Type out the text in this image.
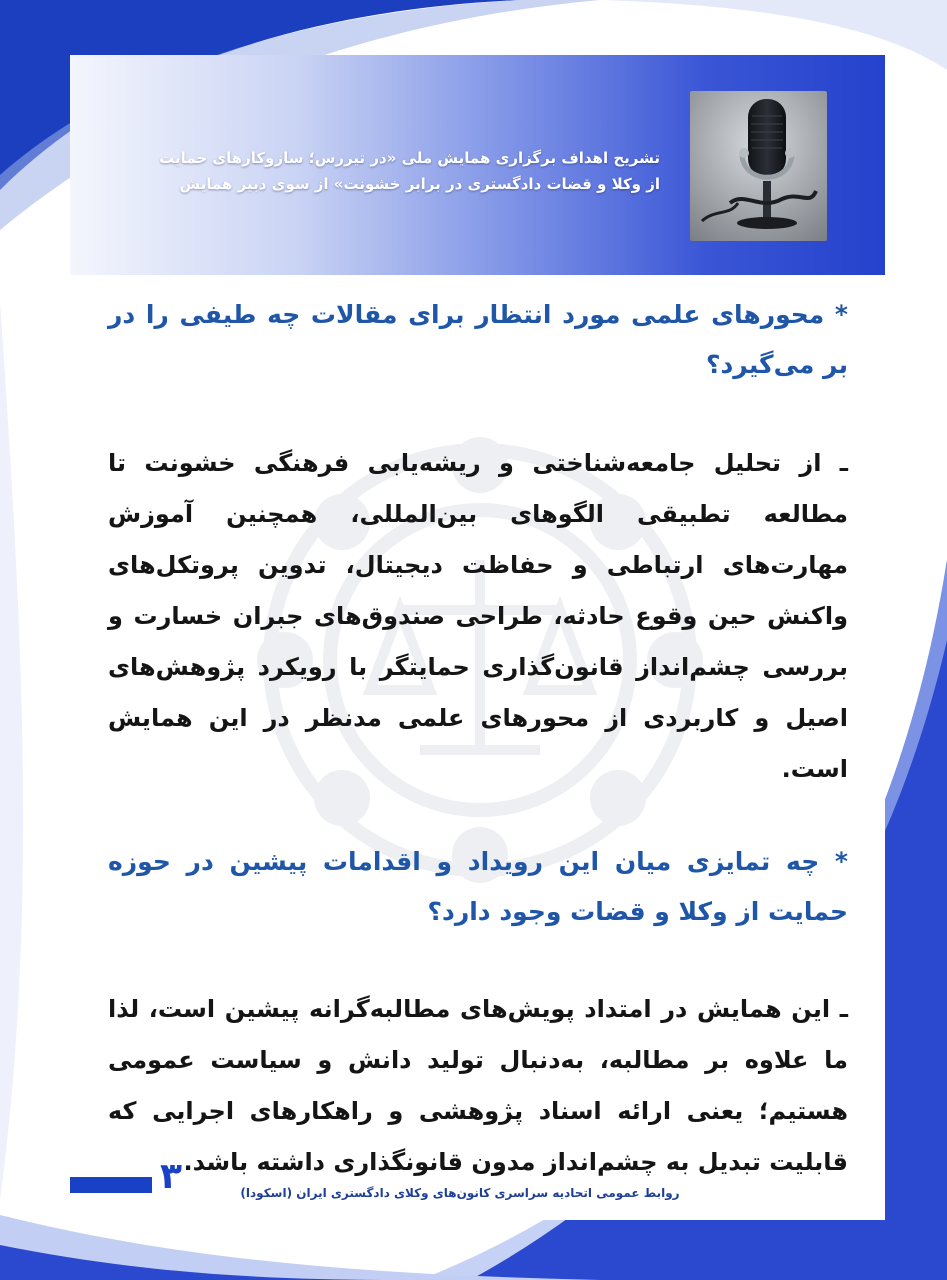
تشریح اهداف برگزاری همایش ملی «در تیررس؛ سازوکارهای حمایت از وکلا و قضات دادگستری در برابر خشونت» از سوی دبیر همایش

* محورهای علمی مورد انتظار برای مقالات چه طیفی را در بر می‌گیرد؟

ـ از تحلیل جامعه‌شناختی و ریشه‌یابی فرهنگی خشونت تا مطالعه تطبیقی الگوهای بین‌المللی، همچنین آموزش مهارت‌های ارتباطی و حفاظت دیجیتال، تدوین پروتکل‌های واکنش حین وقوع حادثه، طراحی صندوق‌های جبران خسارت و بررسی چشم‌انداز قانون‌گذاری حمایتگر با رویکرد پژوهش‌های اصیل و کاربردی از محورهای علمی مدنظر در این همایش است.

* چه تمایزی میان این رویداد و اقدامات پیشین در حوزه حمایت از وکلا و قضات وجود دارد؟

ـ این همایش در امتداد پویش‌های مطالبه‌گرانه پیشین است، لذا ما علاوه بر مطالبه، به‌دنبال تولید دانش و سیاست عمومی هستیم؛ یعنی ارائه اسناد پژوهشی و راهکارهای اجرایی که قابلیت تبدیل به چشم‌انداز مدون قانونگذاری داشته باشد.

۳	روابط عمومی اتحادیه سراسری کانون‌های وکلای دادگستری ایران (اسکودا)
